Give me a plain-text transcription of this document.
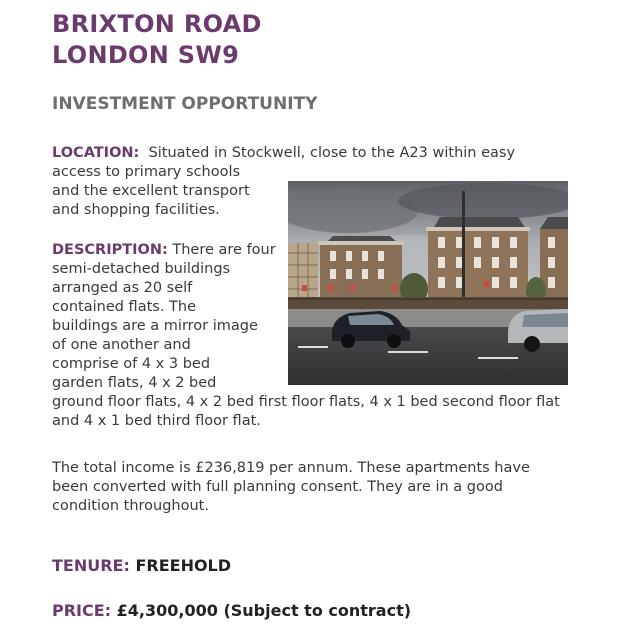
BRIXTON ROAD
LONDON SW9
INVESTMENT OPPORTUNITY
LOCATION: Situated in Stockwell, close to the A23 within easy
access to primary schools
and the excellent transport
and shopping facilities.
DESCRIPTION: There are four
semi-detached buildings
arranged as 20 self
contained flats. The
buildings are a mirror image
of one another and
comprise of 4 x 3 bed
garden flats, 4 x 2 bed
ground floor flats, 4 x 2 bed first floor flats, 4 x 1 bed second floor flat
and 4 x 1 bed third floor flat.
The total income is £236,819 per annum. These apartments have
been converted with full planning consent. They are in a good
condition throughout.
TENURE: FREEHOLD
PRICE: £4,300,000 (Subject to contract)
